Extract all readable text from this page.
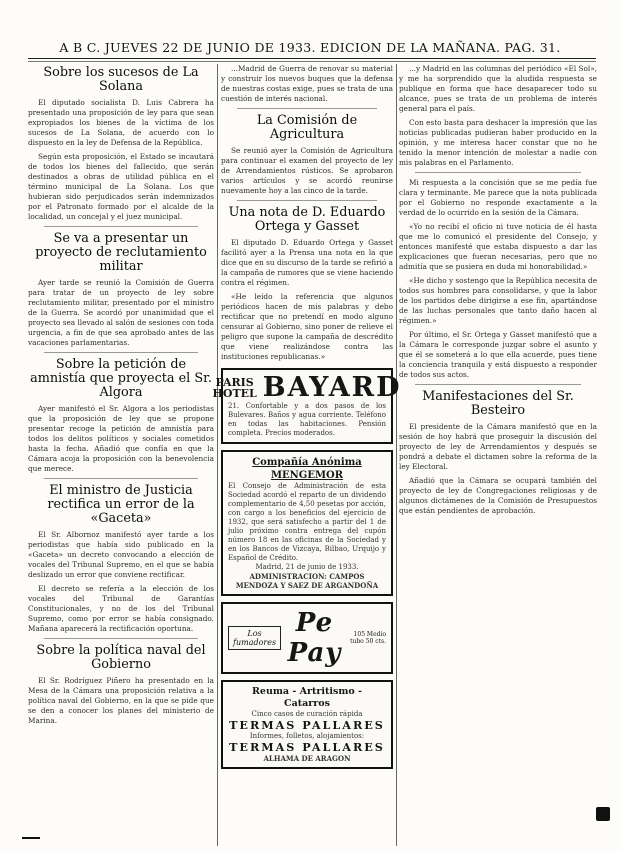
A B C. JUEVES 22 DE JUNIO DE 1933. EDICION DE LA MAÑANA. PAG. 31.
Sobre los sucesos de La Solana
El diputado socialista D. Luis Cabrera ha presentado una proposición de ley para que sean expropiados los bienes de la víctima de los sucesos de La Solana, de acuerdo con lo dispuesto en la ley de Defensa de la República.
Según esta proposición, el Estado se incautará de todos los bienes del fallecido, que serán destinados a obras de utilidad pública en el término municipal de La Solana. Los que hubieran sido perjudicados serán indemnizados por el Patronato formado por el alcalde de la localidad, un concejal y el juez municipal.
Se va a presentar un proyecto de reclutamiento militar
Ayer tarde se reunió la Comisión de Guerra para tratar de un proyecto de ley sobre reclutamiento militar, presentado por el ministro de la Guerra. Se acordó por unanimidad que el proyecto sea llevado al salón de sesiones con toda urgencia, a fin de que sea aprobado antes de las vacaciones parlamentarias.
Sobre la petición de amnistía que proyecta el Sr. Algora
Ayer manifestó el Sr. Algora a los periodistas que la proposición de ley que se propone presentar recoge la petición de amnistía para todos los delitos políticos y sociales cometidos hasta la fecha. Añadió que confía en que la Cámara acoja la proposición con la benevolencia que merece.
El ministro de Justicia rectifica un error de la «Gaceta»
El Sr. Albornoz manifestó ayer tarde a los periodistas que había sido publicado en la «Gaceta» un decreto convocando a elección de vocales del Tribunal Supremo, en el que se había deslizado un error que conviene rectificar.
El decreto se refería a la elección de los vocales del Tribunal de Garantías Constitucionales, y no de los del Tribunal Supremo, como por error se había consignado. Mañana aparecerá la rectificación oportuna.
Sobre la política naval del Gobierno
El Sr. Rodríguez Piñero ha presentado en la Mesa de la Cámara una proposición relativa a la política naval del Gobierno, en la que se pide que se den a conocer los planes del ministerio de Marina.
...Madrid de Guerra de renovar su material y construir los nuevos buques que la defensa de nuestras costas exige, pues se trata de una cuestión de interés nacional.
La Comisión de Agricultura
Se reunió ayer la Comisión de Agricultura para continuar el examen del proyecto de ley de Arrendamientos rústicos. Se aprobaron varios artículos y se acordó reunirse nuevamente hoy a las cinco de la tarde.
Una nota de D. Eduardo Ortega y Gasset
El diputado D. Eduardo Ortega y Gasset facilitó ayer a la Prensa una nota en la que dice que en su discurso de la tarde se refirió a la campaña de rumores que se viene haciendo contra el régimen.
«He leído la referencia que algunos periódicos hacen de mis palabras y debo rectificar que no pretendí en modo alguno censurar al Gobierno, sino poner de relieve el peligro que supone la campaña de descrédito que viene realizándose contra las instituciones republicanas.»
PARIS
HOTEL BAYARD
21. Confortable y a dos pasos de los Bulevares. Baños y agua corriente. Teléfono en todas las habitaciones. Pensión completa. Precios moderados.
Compañía Anónima MENGEMOR
El Consejo de Administración de esta Sociedad acordó el reparto de un dividendo complementario de 4,50 pesetas por acción, con cargo a los beneficios del ejercicio de 1932, que será satisfecho a partir del 1 de julio próximo contra entrega del cupón número 18 en las oficinas de la Sociedad y en los Bancos de Vizcaya, Bilbao, Urquijo y Español de Crédito.
Madrid, 21 de junio de 1933.
ADMINISTRACION: CAMPOS MENDOZA Y SAEZ DE ARGANDOÑA
Los fumadores
Pe Pay
105 Medio tubo 50 cts.
Reuma - Artritismo - Catarros
Cinco casos de curación rápida
TERMAS PALLARES
Informes, folletos, alojamientos:
TERMAS PALLARES
ALHAMA DE ARAGON
...y Madrid en las columnas del periódico «El Sol», y me ha sorprendido que la aludida respuesta se publique en forma que hace desaparecer todo su alcance, pues se trata de un problema de interés general para el país.
Con esto basta para deshacer la impresión que las noticias publicadas pudieran haber producido en la opinión, y me interesa hacer constar que no he tenido la menor intención de molestar a nadie con mis palabras en el Parlamento.
Mi respuesta a la concisión que se me pedía fue clara y terminante. Me parece que la nota publicada por el Gobierno no responde exactamente a la verdad de lo ocurrido en la sesión de la Cámara.
«Yo no recibí el oficio ni tuve noticia de él hasta que me lo comunicó el presidente del Consejo, y entonces manifesté que estaba dispuesto a dar las explicaciones que fueran necesarias, pero que no admitía que se pusiera en duda mi honorabilidad.»
«He dicho y sostengo que la República necesita de todos sus hombres para consolidarse, y que la labor de los partidos debe dirigirse a ese fin, apartándose de las luchas personales que tanto daño hacen al régimen.»
Por último, el Sr. Ortega y Gasset manifestó que a la Cámara le corresponde juzgar sobre el asunto y que él se someterá a lo que ella acuerde, pues tiene la conciencia tranquila y está dispuesto a responder de todos sus actos.
Manifestaciones del Sr. Besteiro
El presidente de la Cámara manifestó que en la sesión de hoy habrá que proseguir la discusión del proyecto de ley de Arrendamientos y después se pondrá a debate el dictamen sobre la reforma de la ley Electoral.
Añadió que la Cámara se ocupará también del proyecto de ley de Congregaciones religiosas y de algunos dictámenes de la Comisión de Presupuestos que están pendientes de aprobación.
